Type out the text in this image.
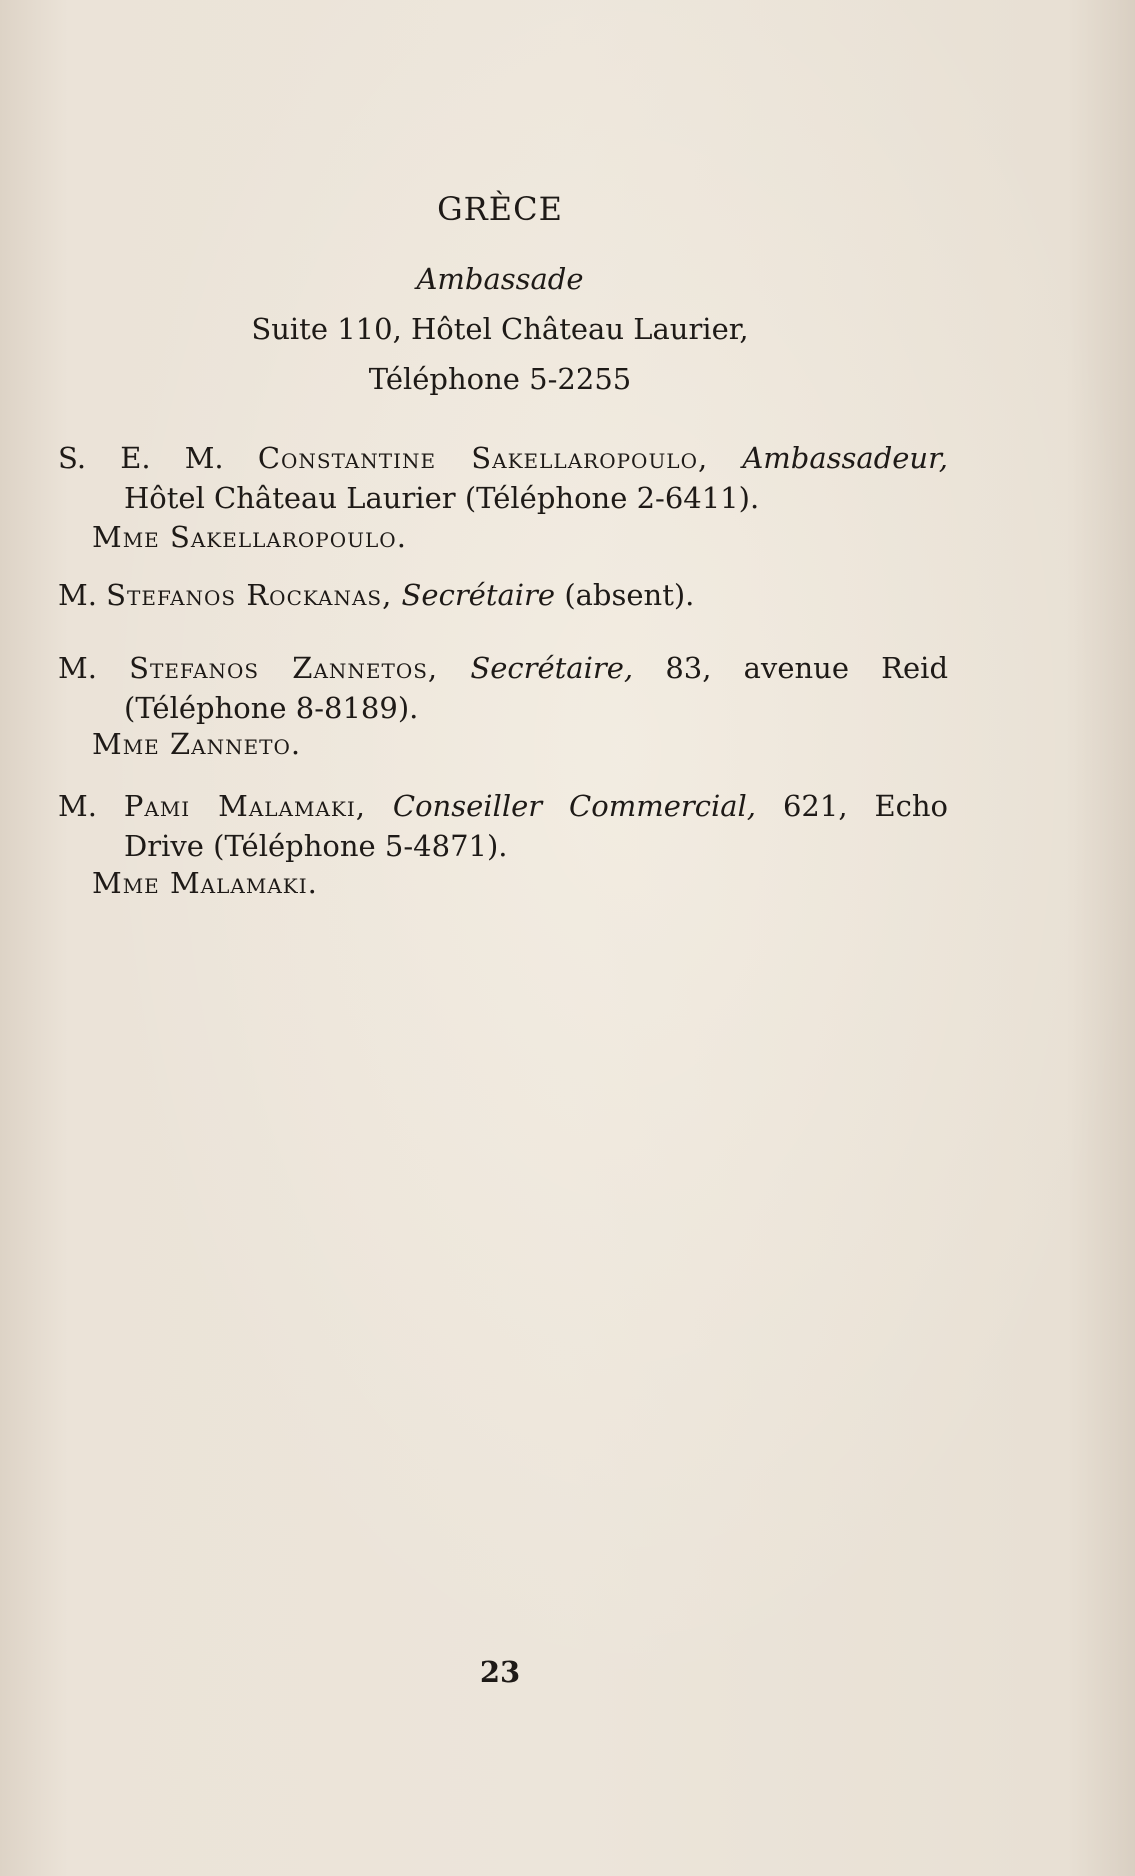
GRÈCE
Ambassade
Suite 110, Hôtel Château Laurier,
Téléphone 5-2255
S. E. M. Constantine Sakellaropoulo, Ambassadeur,
Hôtel Château Laurier (Téléphone 2-6411).
Mme Sakellaropoulo.
M. Stefanos Rockanas, Secrétaire (absent).
M. Stefanos Zannetos, Secrétaire, 83, avenue Reid
(Téléphone 8-8189).
Mme Zanneto.
M. Pami Malamaki, Conseiller Commercial, 621, Echo
Drive (Téléphone 5-4871).
Mme Malamaki.
23
